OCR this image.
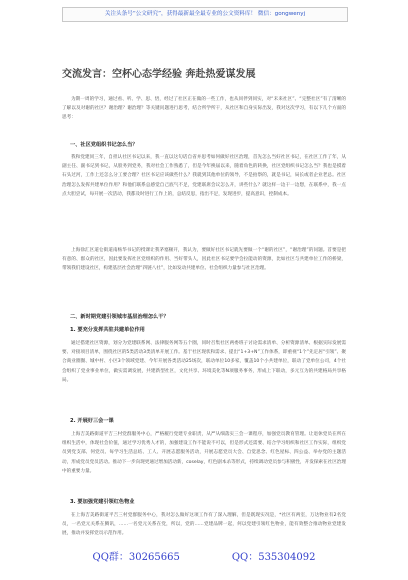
关注头条号“公文研究”，获得最新最全最专业的公文资料库！ 微信：gongwenyj
交流发言：空杯心态学经验 奔赴热爱谋发展

为期一周的学习，通过看、听、学、思、悟，经过了社区正在做的一些工作，也从同伴到同实，对“未来社区”、“完整社区”有了清晰的了解以及对谢的社区？谢治理？谢治理？等关键问题进行思考，结合所学所干，从社区和自身实际出发，我对这次学习，有以下几个方面的思考：

一、社区党组织书记怎么当？

我和党建同三年，自担认社区书记以来，我一直以这句话自省并思考如何做好社区治理，首先怎么当好社区书记，在社区工作了年，从副主任、副书记到书记，从股务到党务，我对社会工作熟悉了，但是今年换届以来，随着角色的转换，社区党组织书记怎么当？我也是摸着石头过河，工作上还怎么分工要合理？社区书记应该做些什么？我就到其他单位的领导，不是拍察的，就是书记，局长或者企业老总。社区治理怎么发挥共建单位作用？和他们联系总感觉自己底气不足，党建联席会议怎么开，讲些什么？就这样一边干一边想，在联系中，我一点点大胆尝试，每开展一次活动，我都及时进行工作上的，总结反思，指出不足，发现进步，提高意识，控制成本。

上海徐汇区道仓街道南杨华书记的授课让我茅塞顿开，我认为，要做好社区书记就先要做一个“谢的社区”，“谢治理”的问题。首要是把有意的、群众的社区，因此要发挥社区党组织的作用、当好带头人，因此社区书记要学会拉能动的资源，比如社区与共建单位工作的桥梁，带领我们建设社区，构建基层社会治理“四链八社”，比如发动共建单位、社会组织力量参与社区治理。

二、新时期党建引领城市基层治理怎么干？
1. 要充分发挥共驻共建单位作用

通过搭建社区资源，划分为党建联系网、法律服务网等五个圈，同时召集社区两委班子讨论需求清单、分析资源清单、根据实际发展需要、对接项目清单，围绕社区的5类活动3类清单开展工作。基于社区现状和需求、提出“1+3+N”工作体系，即重视“1个”先定居“引领”、聚合商业圈圈、城中村、小区3个领域党建、今年开展各类活动25场次，联动单位10多家，覆盖10个小共建单位，联动了党单位公司，4个社会组织了党业事业单位，做实需调发展，共建新型社区，文化共享、环境美化等N项服务事务，形成上下联动，多元互为的共建格局共享格局。

2. 开展好三会一课

上海吉美路街道平吉三村党群服务中心，严格履行党建专业职责，从严从细落实三会一课程序，加强党员教育管理。让退休党员在所在组织生活中，体现社会价值，通过学习优秀人才的，加强建设工作不能说不可以，但是形式还需要、结合学习组织和社区工作实际，组织党员到党支部、何党员、每学习生活总结、工人、开展志愿服务活动，开展志愿党员大会、自觉思念、红色屋标、四公益、举办党的主题活动，形成党员党员活动。推动下一步向现更通过增加活动新，coselay，红色剧本杀等形式，持续调动党员参与积极性，开发探索在社区治理中的重要力量。

3. 要加强党建引领红色物业

在上海吉美路街道平吉三村党群服务中心，我对怎么做好这项工作有了深入理解，但是既现实况是，*社区有两室，万达物业有2名党员，一名党元关系在腾讯，……一名党元关系在党，所以，党的……党建品牌一起，何以党建引领红色物业，能有效整合推动物业党建发展，推动并发挥党员示范作用。

QQ群：30265665	QQ：535304092
